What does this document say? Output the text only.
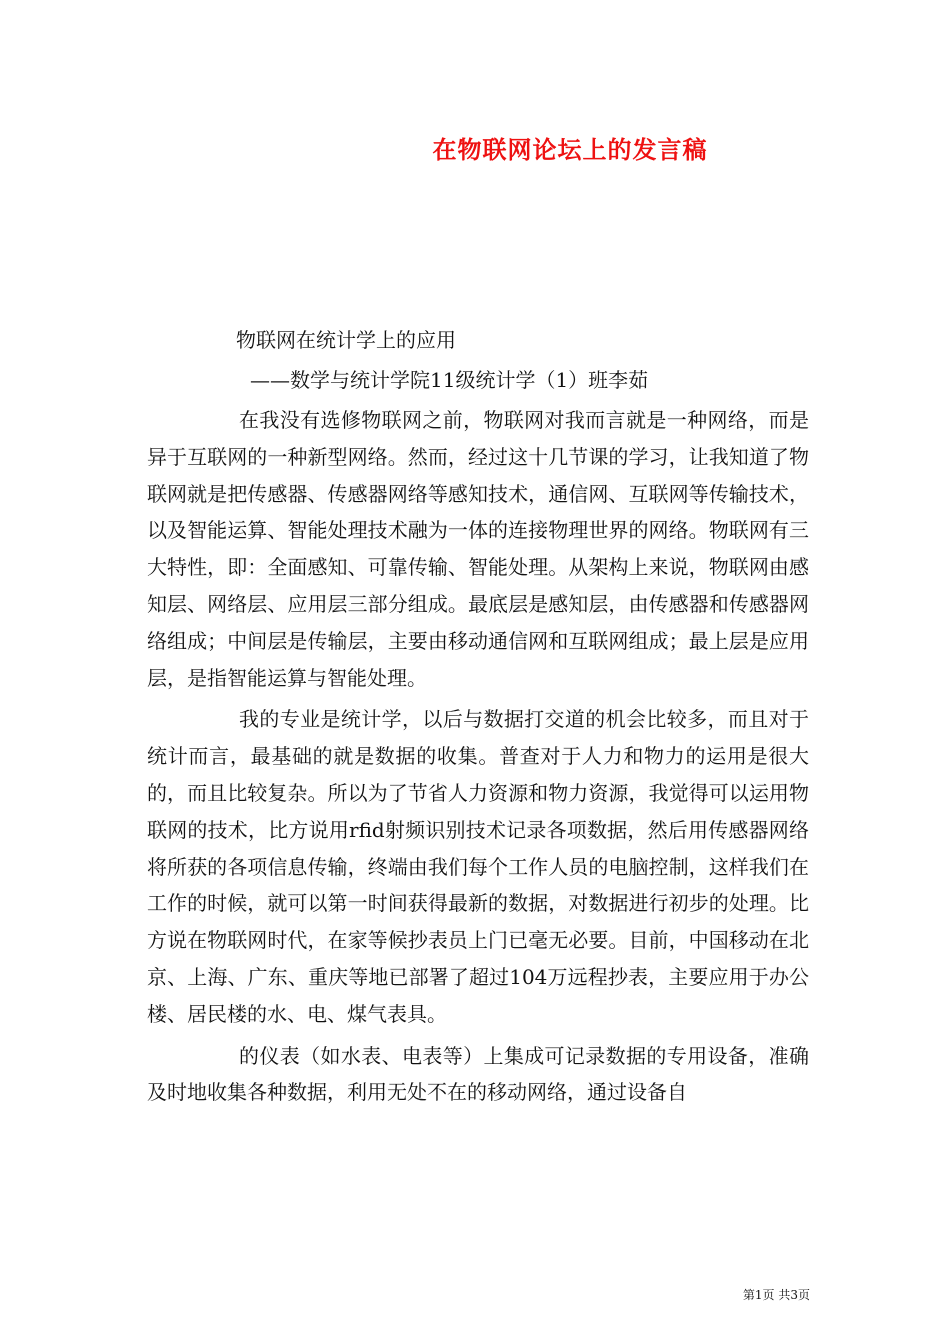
在物联网论坛上的发言稿
物联网在统计学上的应用
——数学与统计学院11级统计学（1）班李茹

在我没有选修物联网之前，物联网对我而言就是一种网络，而是异于互联网的一种新型网络。然而，经过这十几节课的学习，让我知道了物联网就是把传感器、传感器网络等感知技术，通信网、互联网等传输技术，以及智能运算、智能处理技术融为一体的连接物理世界的网络。物联网有三大特性，即：全面感知、可靠传输、智能处理。从架构上来说，物联网由感知层、网络层、应用层三部分组成。最底层是感知层，由传感器和传感器网络组成；中间层是传输层，主要由移动通信网和互联网组成；最上层是应用层，是指智能运算与智能处理。

我的专业是统计学，以后与数据打交道的机会比较多，而且对于统计而言，最基础的就是数据的收集。普查对于人力和物力的运用是很大的，而且比较复杂。所以为了节省人力资源和物力资源，我觉得可以运用物联网的技术，比方说用rfid射频识别技术记录各项数据，然后用传感器网络将所获的各项信息传输，终端由我们每个工作人员的电脑控制，这样我们在工作的时候，就可以第一时间获得最新的数据，对数据进行初步的处理。比方说在物联网时代，在家等候抄表员上门已毫无必要。目前，中国移动在北京、上海、广东、重庆等地已部署了超过104万远程抄表，主要应用于办公楼、居民楼的水、电、煤气表具。

的仪表（如水表、电表等）上集成可记录数据的专用设备，准确及时地收集各种数据，利用无处不在的移动网络，通过设备自

第1页 共3页
